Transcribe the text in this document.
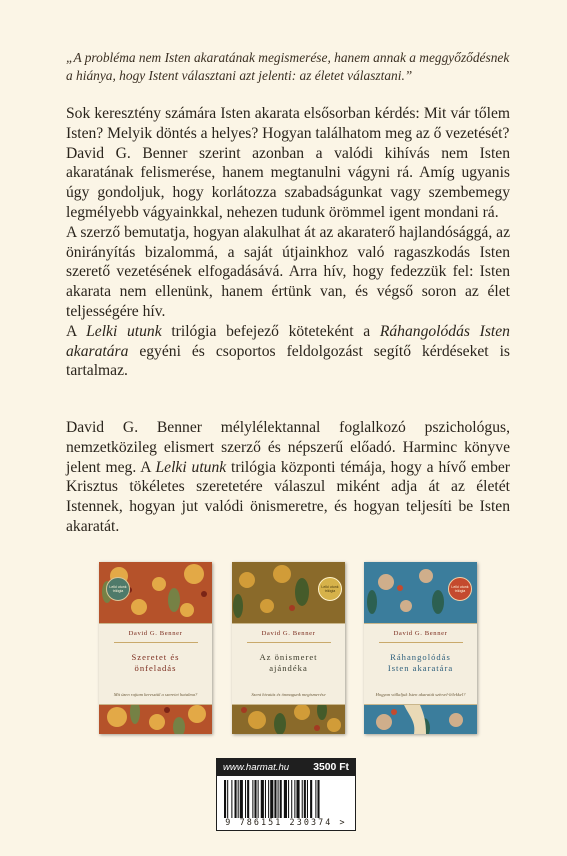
„A probléma nem Isten akaratának megismerése, hanem annak a meggyőződésnek a hiánya, hogy Istent választani azt jelenti: az életet választani.”

Sok keresztény számára Isten akarata elsősorban kérdés: Mit vár tőlem Isten? Melyik döntés a helyes? Hogyan találhatom meg az ő vezetését?

David G. Benner szerint azonban a valódi kihívás nem Isten akaratának felismerése, hanem megtanulni vágyni rá. Amíg ugyanis úgy gondoljuk, hogy korlátozza szabadságunkat vagy szembemegy legmélyebb vágyainkkal, nehezen tudunk örömmel igent mondani rá.

A szerző bemutatja, hogyan alakulhat át az akaraterő hajlandósággá, az önirányítás bizalommá, a saját útjainkhoz való ragaszkodás Isten szerető vezetésének elfogadásává. Arra hív, hogy fedezzük fel: Isten akarata nem ellenünk, hanem értünk van, és végső soron az élet teljességére hív.

A Lelki utunk trilógia befejező köteteként a Ráhangolódás Isten akaratára egyéni és csoportos feldolgozást segítő kérdéseket is tartalmaz.

David G. Benner mélylélektannal foglalkozó pszichológus, nemzetközileg elismert szerző és népszerű előadó. Harminc könyve jelent meg. A Lelki utunk trilógia központi témája, hogy a hívő ember Krisztus tökéletes szeretetére válaszul miként adja át az életét Istennek, hogyan jut valódi önismeretre, és hogyan teljesíti be Isten akaratát.

Lelki utunk trilógia
David G. Benner
Szeretet és
önfeladás
Mit üzen rajtam keresztül a szeretet hatalma?
Lelki utunk trilógia
David G. Benner
Az önismeret
ajándéka
Szent hivatás és önmagunk megismerése
Lelki utunk trilógia
David G. Benner
Ráhangolódás
Isten akaratára
Hogyan vállaljuk Isten akaratát szívvel-lélekkel?
www.harmat.hu 3500 Ft
9 786151 230374 >
